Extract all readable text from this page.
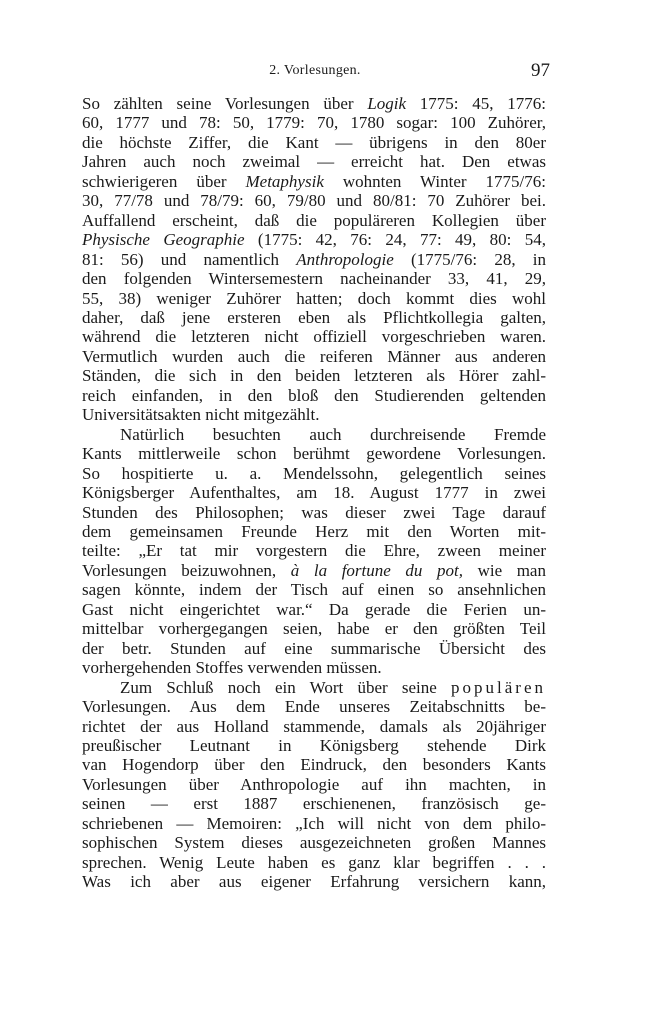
2. Vorlesungen.	97
So zählten seine Vorlesungen über Logik 1775: 45, 1776:
60, 1777 und 78: 50, 1779: 70, 1780 sogar: 100 Zuhörer,
die höchste Ziffer, die Kant — übrigens in den 80er
Jahren auch noch zweimal — erreicht hat. Den etwas
schwierigeren über Metaphysik wohnten Winter 1775/76:
30, 77/78 und 78/79: 60, 79/80 und 80/81: 70 Zuhörer bei.
Auffallend erscheint, daß die populäreren Kollegien über
Physische Geographie (1775: 42, 76: 24, 77: 49, 80: 54,
81: 56) und namentlich Anthropologie (1775/76: 28, in
den folgenden Wintersemestern nacheinander 33, 41, 29,
55, 38) weniger Zuhörer hatten; doch kommt dies wohl
daher, daß jene ersteren eben als Pflichtkollegia galten,
während die letzteren nicht offiziell vorgeschrieben waren.
Vermutlich wurden auch die reiferen Männer aus anderen
Ständen, die sich in den beiden letzteren als Hörer zahl-
reich einfanden, in den bloß den Studierenden geltenden
Universitätsakten nicht mitgezählt.
Natürlich besuchten auch durchreisende Fremde
Kants mittlerweile schon berühmt gewordene Vorlesungen.
So hospitierte u. a. Mendelssohn, gelegentlich seines
Königsberger Aufenthaltes, am 18. August 1777 in zwei
Stunden des Philosophen; was dieser zwei Tage darauf
dem gemeinsamen Freunde Herz mit den Worten mit-
teilte: „Er tat mir vorgestern die Ehre, zween meiner
Vorlesungen beizuwohnen, à la fortune du pot, wie man
sagen könnte, indem der Tisch auf einen so ansehnlichen
Gast nicht eingerichtet war.“ Da gerade die Ferien un-
mittelbar vorhergegangen seien, habe er den größten Teil
der betr. Stunden auf eine summarische Übersicht des
vorhergehenden Stoffes verwenden müssen.
Zum Schluß noch ein Wort über seine populären
Vorlesungen. Aus dem Ende unseres Zeitabschnitts be-
richtet der aus Holland stammende, damals als 20jähriger
preußischer Leutnant in Königsberg stehende Dirk
van Hogendorp über den Eindruck, den besonders Kants
Vorlesungen über Anthropologie auf ihn machten, in
seinen — erst 1887 erschienenen, französisch ge-
schriebenen — Memoiren: „Ich will nicht von dem philo-
sophischen System dieses ausgezeichneten großen Mannes
sprechen. Wenig Leute haben es ganz klar begriffen . . .
Was ich aber aus eigener Erfahrung versichern kann,
